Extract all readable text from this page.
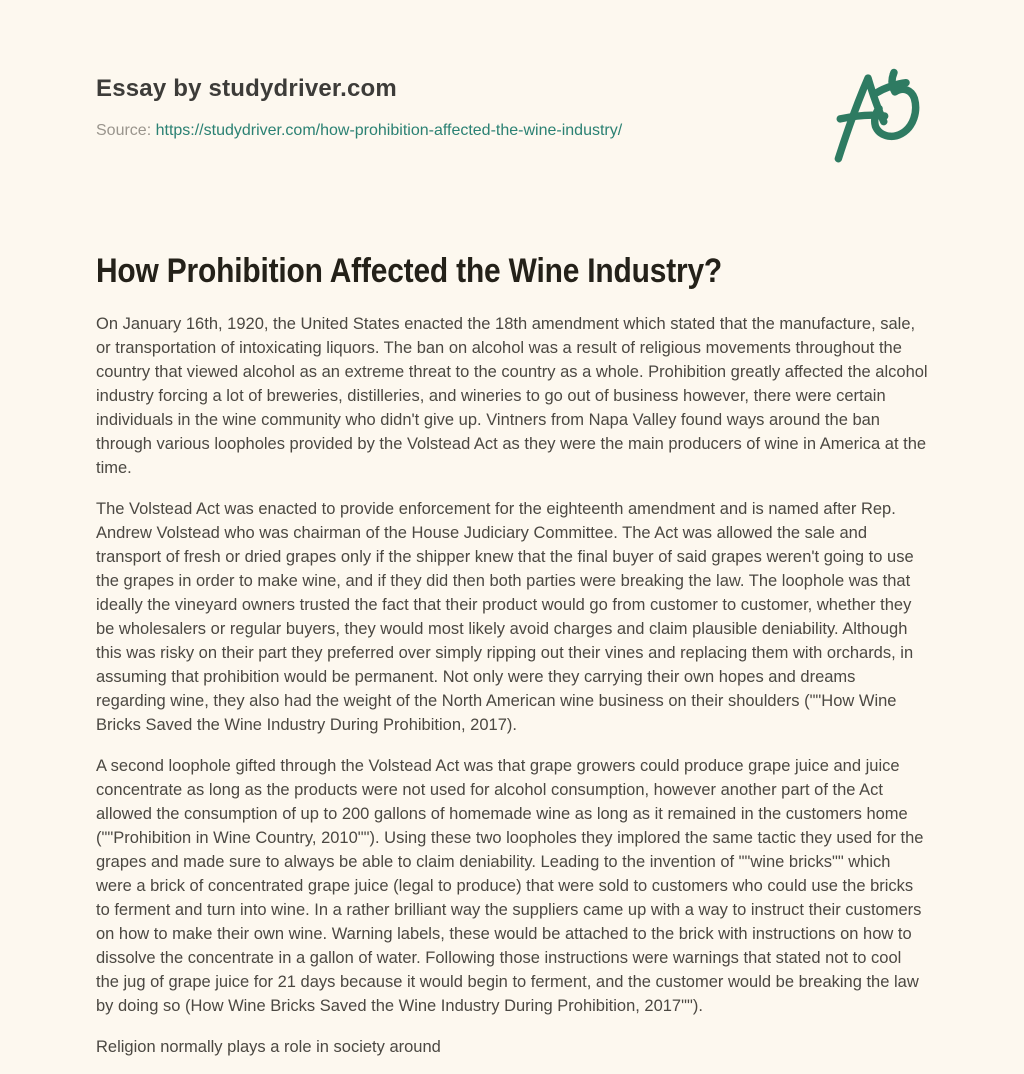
Essay by studydriver.com

Source: https://studydriver.com/how-prohibition-affected-the-wine-industry/

How Prohibition Affected the Wine Industry?

On January 16th, 1920, the United States enacted the 18th amendment which stated that the manufacture, sale, or transportation of intoxicating liquors. The ban on alcohol was a result of religious movements throughout the country that viewed alcohol as an extreme threat to the country as a whole. Prohibition greatly affected the alcohol industry forcing a lot of breweries, distilleries, and wineries to go out of business however, there were certain individuals in the wine community who didn't give up. Vintners from Napa Valley found ways around the ban through various loopholes provided by the Volstead Act as they were the main producers of wine in America at the time.

The Volstead Act was enacted to provide enforcement for the eighteenth amendment and is named after Rep. Andrew Volstead who was chairman of the House Judiciary Committee. The Act was allowed the sale and transport of fresh or dried grapes only if the shipper knew that the final buyer of said grapes weren't going to use the grapes in order to make wine, and if they did then both parties were breaking the law. The loophole was that ideally the vineyard owners trusted the fact that their product would go from customer to customer, whether they be wholesalers or regular buyers, they would most likely avoid charges and claim plausible deniability. Although this was risky on their part they preferred over simply ripping out their vines and replacing them with orchards, in assuming that prohibition would be permanent. Not only were they carrying their own hopes and dreams regarding wine, they also had the weight of the North American wine business on their shoulders (""How Wine Bricks Saved the Wine Industry During Prohibition, 2017).

A second loophole gifted through the Volstead Act was that grape growers could produce grape juice and juice concentrate as long as the products were not used for alcohol consumption, however another part of the Act allowed the consumption of up to 200 gallons of homemade wine as long as it remained in the customers home (""Prohibition in Wine Country, 2010""). Using these two loopholes they implored the same tactic they used for the grapes and made sure to always be able to claim deniability. Leading to the invention of ""wine bricks"" which were a brick of concentrated grape juice (legal to produce) that were sold to customers who could use the bricks to ferment and turn into wine. In a rather brilliant way the suppliers came up with a way to instruct their customers on how to make their own wine. Warning labels, these would be attached to the brick with instructions on how to dissolve the concentrate in a gallon of water. Following those instructions were warnings that stated not to cool the jug of grape juice for 21 days because it would begin to ferment, and the customer would be breaking the law by doing so (How Wine Bricks Saved the Wine Industry During Prohibition, 2017"").

Religion normally plays a role in society around
